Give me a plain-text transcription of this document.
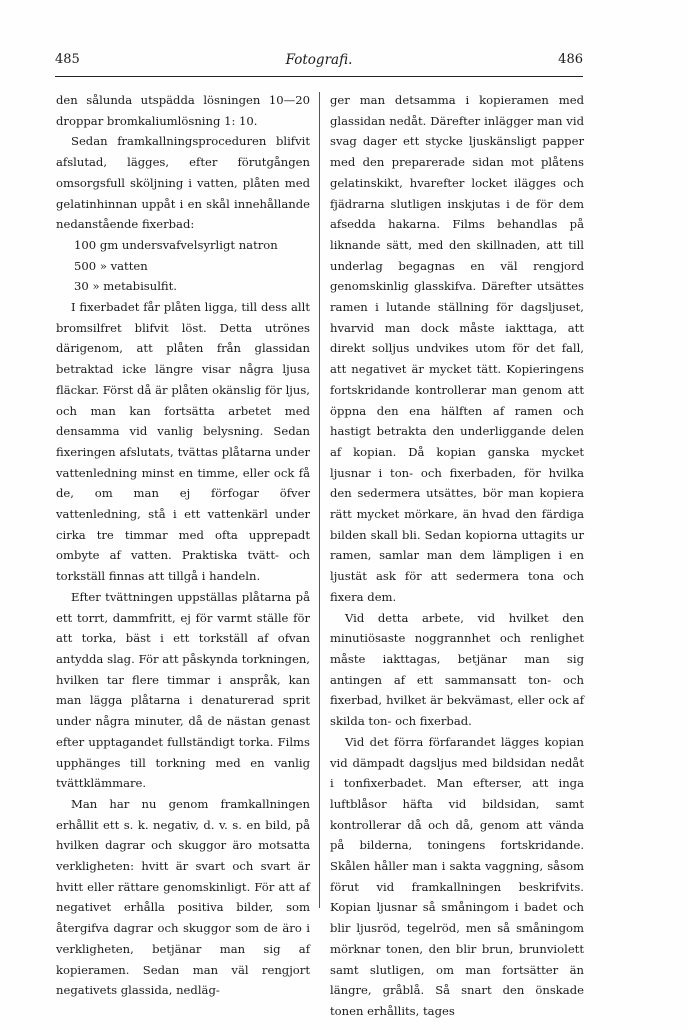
485	Fotografi.	486

den sålunda utspädda lösningen 10—20 droppar bromkaliumlösning 1: 10.

Sedan framkallningsproceduren blifvit afslutad, lägges, efter förutgången omsorgsfull sköljning i vatten, plåten med gelatinhinnan uppåt i en skål innehållande nedanstående fixerbad:

100 gm undersvafvelsyrligt natron

500 » vatten

30 » metabisulfit.

I fixerbadet får plåten ligga, till dess allt bromsilfret blifvit löst. Detta utrönes därigenom, att plåten från glassidan betraktad icke längre visar några ljusa fläckar. Först då är plåten okänslig för ljus, och man kan fortsätta arbetet med densamma vid vanlig belysning. Sedan fixeringen afslutats, tvättas plåtarna under vattenledning minst en timme, eller ock få de, om man ej förfogar öfver vattenledning, stå i ett vattenkärl under cirka tre timmar med ofta upprepadt ombyte af vatten. Praktiska tvätt- och torkställ finnas att tillgå i handeln.

Efter tvättningen uppställas plåtarna på ett torrt, dammfritt, ej för varmt ställe för att torka, bäst i ett torkställ af ofvan antydda slag. För att påskynda torkningen, hvilken tar flere timmar i anspråk, kan man lägga plåtarna i denaturerad sprit under några minuter, då de nästan genast efter upptagandet fullständigt torka. Films upphänges till torkning med en vanlig tvättklämmare.

Man har nu genom framkallningen erhållit ett s. k. negativ, d. v. s. en bild, på hvilken dagrar och skuggor äro motsatta verkligheten: hvitt är svart och svart är hvitt eller rättare genomskinligt. För att af negativet erhålla positiva bilder, som återgifva dagrar och skuggor som de äro i verkligheten, betjänar man sig af kopieramen. Sedan man väl rengjort negativets glassida, nedläg-

ger man detsamma i kopieramen med glassidan nedåt. Därefter inlägger man vid svag dager ett stycke ljuskänsligt papper med den preparerade sidan mot plåtens gelatinskikt, hvarefter locket ilägges och fjädrarna slutligen inskjutas i de för dem afsedda hakarna. Films behandlas på liknande sätt, med den skillnaden, att till underlag begagnas en väl rengjord genomskinlig glasskifva. Därefter utsättes ramen i lutande ställning för dagsljuset, hvarvid man dock måste iakttaga, att direkt solljus undvikes utom för det fall, att negativet är mycket tätt. Kopieringens fortskridande kontrollerar man genom att öppna den ena hälften af ramen och hastigt betrakta den underliggande delen af kopian. Då kopian ganska mycket ljusnar i ton- och fixerbaden, för hvilka den sedermera utsättes, bör man kopiera rätt mycket mörkare, än hvad den färdiga bilden skall bli. Sedan kopiorna uttagits ur ramen, samlar man dem lämpligen i en ljustät ask för att sedermera tona och fixera dem.

Vid detta arbete, vid hvilket den minutiösaste noggrannhet och renlighet måste iakttagas, betjänar man sig antingen af ett sammansatt ton- och fixerbad, hvilket är bekvämast, eller ock af skilda ton- och fixerbad.

Vid det förra förfarandet lägges kopian vid dämpadt dagsljus med bildsidan nedåt i tonfixerbadet. Man efterser, att inga luftblåsor häfta vid bildsidan, samt kontrollerar då och då, genom att vända på bilderna, toningens fortskridande. Skålen håller man i sakta vaggning, såsom förut vid framkallningen beskrifvits. Kopian ljusnar så småningom i badet och blir ljusröd, tegelröd, men så småningom mörknar tonen, den blir brun, brunviolett samt slutligen, om man fortsätter än längre, gråblå. Så snart den önskade tonen erhållits, tages
